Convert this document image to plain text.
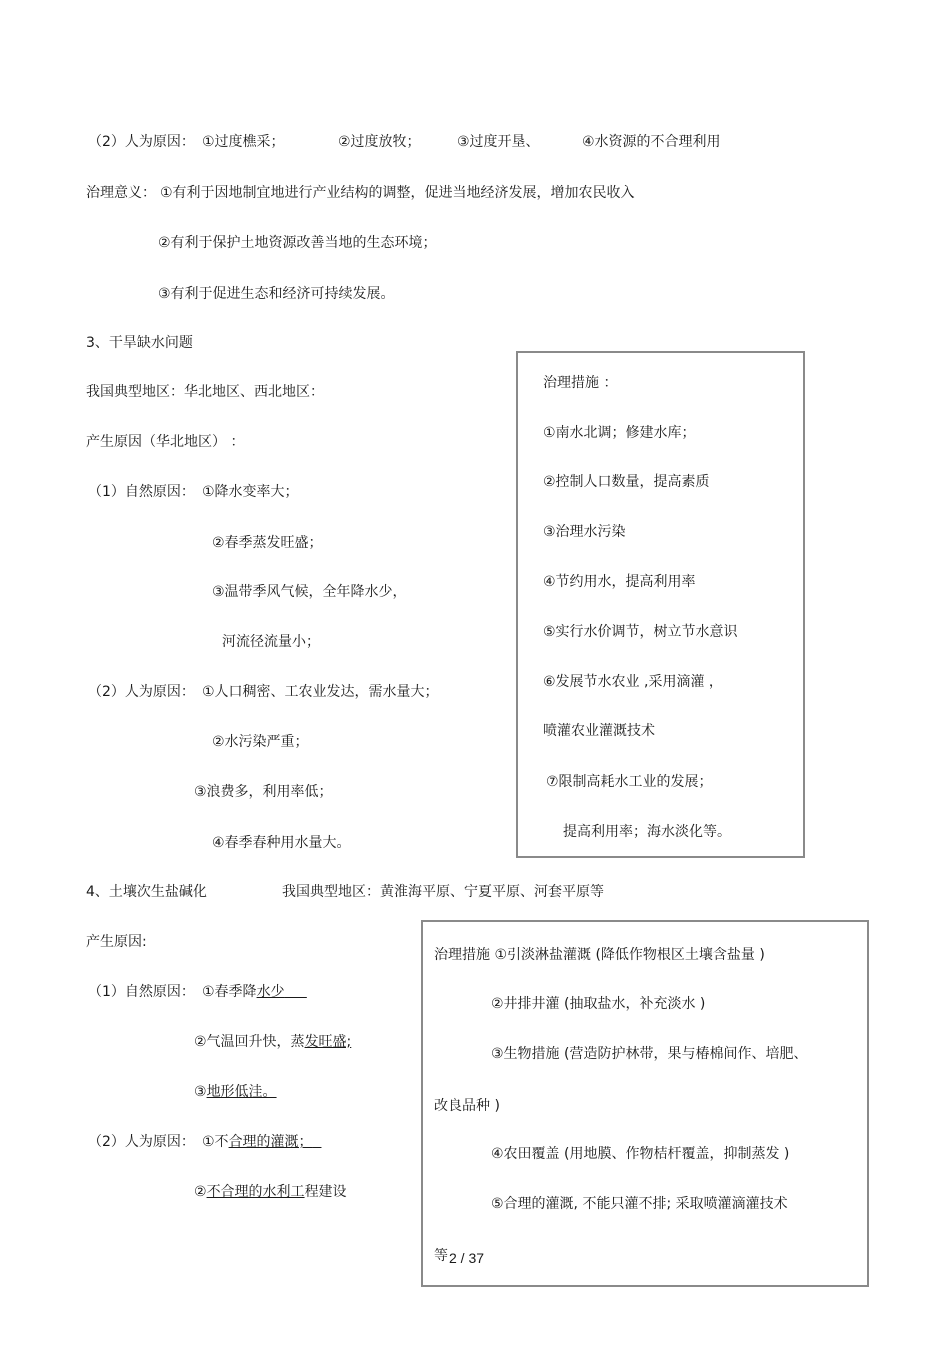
（2）人为原因： ①过度樵采；	②过度放牧；	③过度开垦、	④水资源的不合理利用
治理意义： ①有利于因地制宜地进行产业结构的调整，促进当地经济发展，增加农民收入
②有利于保护土地资源改善当地的生态环境；
③有利于促进生态和经济可持续发展。
3、干旱缺水问题
我国典型地区：华北地区、西北地区：
产生原因（华北地区） ：
（1）自然原因： ①降水变率大；
②春季蒸发旺盛；
③温带季风气候，全年降水少，
河流径流量小；
（2）人为原因： ①人口稠密、工农业发达，需水量大；
②水污染严重；
③浪费多，利用率低；
④春季春种用水量大。
治理措施 ：
①南水北调；修建水库；
②控制人口数量，提高素质
③治理水污染
④节约用水，提高利用率
⑤实行水价调节，树立节水意识
⑥发展节水农业 ,采用滴灌 ，
喷灌农业灌溉技术
⑦限制高耗水工业的发展；
提高利用率；海水淡化等。
4、土壤次生盐碱化	我国典型地区：黄淮海平原、宁夏平原、河套平原等
产生原因:
（1）自然原因： ①春季降水少
②气温回升快，蒸发旺盛;
③地形低洼。
（2）人为原因： ①不合理的灌溉；
②不合理的水利工程建设
治理措施 ①引淡淋盐灌溉 (降低作物根区土壤含盐量 )
②井排井灌 (抽取盐水，补充淡水 )
③生物措施 (营造防护林带，果与椿棉间作、培肥、
改良品种 )
④农田覆盖 (用地膜、作物桔杆覆盖，抑制蒸发 )
⑤合理的灌溉, 不能只灌不排; 采取喷灌滴灌技术
等 2 / 37
